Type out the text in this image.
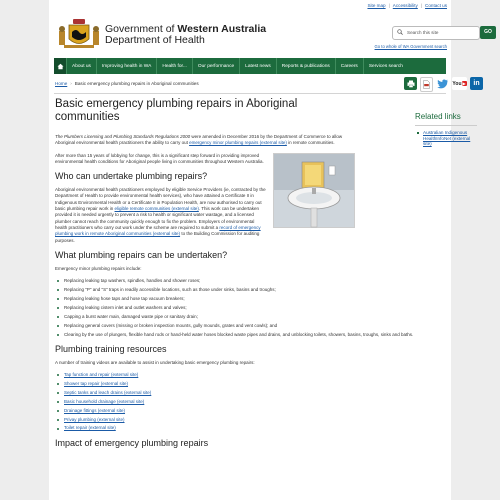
Site map | Accessibility | Contact us
Government of Western Australia
Department of Health
Search this site	GO
Go to whole of WA Government search
About us	Improving health in WA	Health for...	Our performance	Latest news	Reports & publications	Careers	Services search
Home › Basic emergency plumbing repairs in Aboriginal communities	You ▶ in
Basic emergency plumbing repairs in Aboriginal communities

The Plumbers Licensing and Plumbing Standards Regulations 2000 were amended in December 2016 by the Department of Commerce to allow Aboriginal environmental health practitioners the ability to carry out emergency minor plumbing repairs (external site) in remote communities.

After more than 15 years of lobbying for change, this is a significant step forward in providing improved environmental health conditions for Aboriginal people living in communities throughout Western Australia.

Who can undertake plumbing repairs?

Aboriginal environmental health practitioners employed by eligible Service Providers (ie, contracted by the Department of Health to provide environmental health services), who have attained a Certificate II in Indigenous Environmental Health or a Certificate II in Population Health, are now authorised to carry out basic plumbing repair work in eligible remote communities (external site). This work can be undertaken provided it is needed urgently to prevent a risk to health or significant water wastage, and a licensed plumber cannot reach the community quickly enough to fix the problem. Employers of environmental health practitioners who carry out work under the scheme are required to submit a record of emergency plumbing work in remote Aboriginal communities (external site) to the Building Commission for auditing purposes.

What plumbing repairs can be undertaken?

Emergency minor plumbing repairs include:

Replacing leaking tap washers, spindles, handles and shower roses;
Replacing "P" and "S" traps in readily accessible locations, such as those under sinks, basins and troughs;
Replacing leaking hose taps and hose tap vacuum breakers;
Replacing leaking cistern inlet and outlet washers and valves;
Capping a burst water main, damaged waste pipe or sanitary drain;
Replacing general covers (missing or broken inspection mounts, gully mounds, grates and vent cowls); and
Clearing by the use of plungers, flexible hand rods or hand-held water hoses blocked waste pipes and drains, and unblocking toilets, showers, basins, troughs, sinks and baths.
Plumbing training resources

A number of training videos are available to assist in undertaking basic emergency plumbing repairs:

Tap function and repair (external site)
Shower tap repair (external site)
Septic tanks and leach drains (external site)
Basic household drainage (external site)
Drainage fittings (external site)
Privay plumbing (external site)
Toilet repair (external site)
Impact of emergency plumbing repairs
Related links
Australian Indigenous HealthInfoNet (external site)
